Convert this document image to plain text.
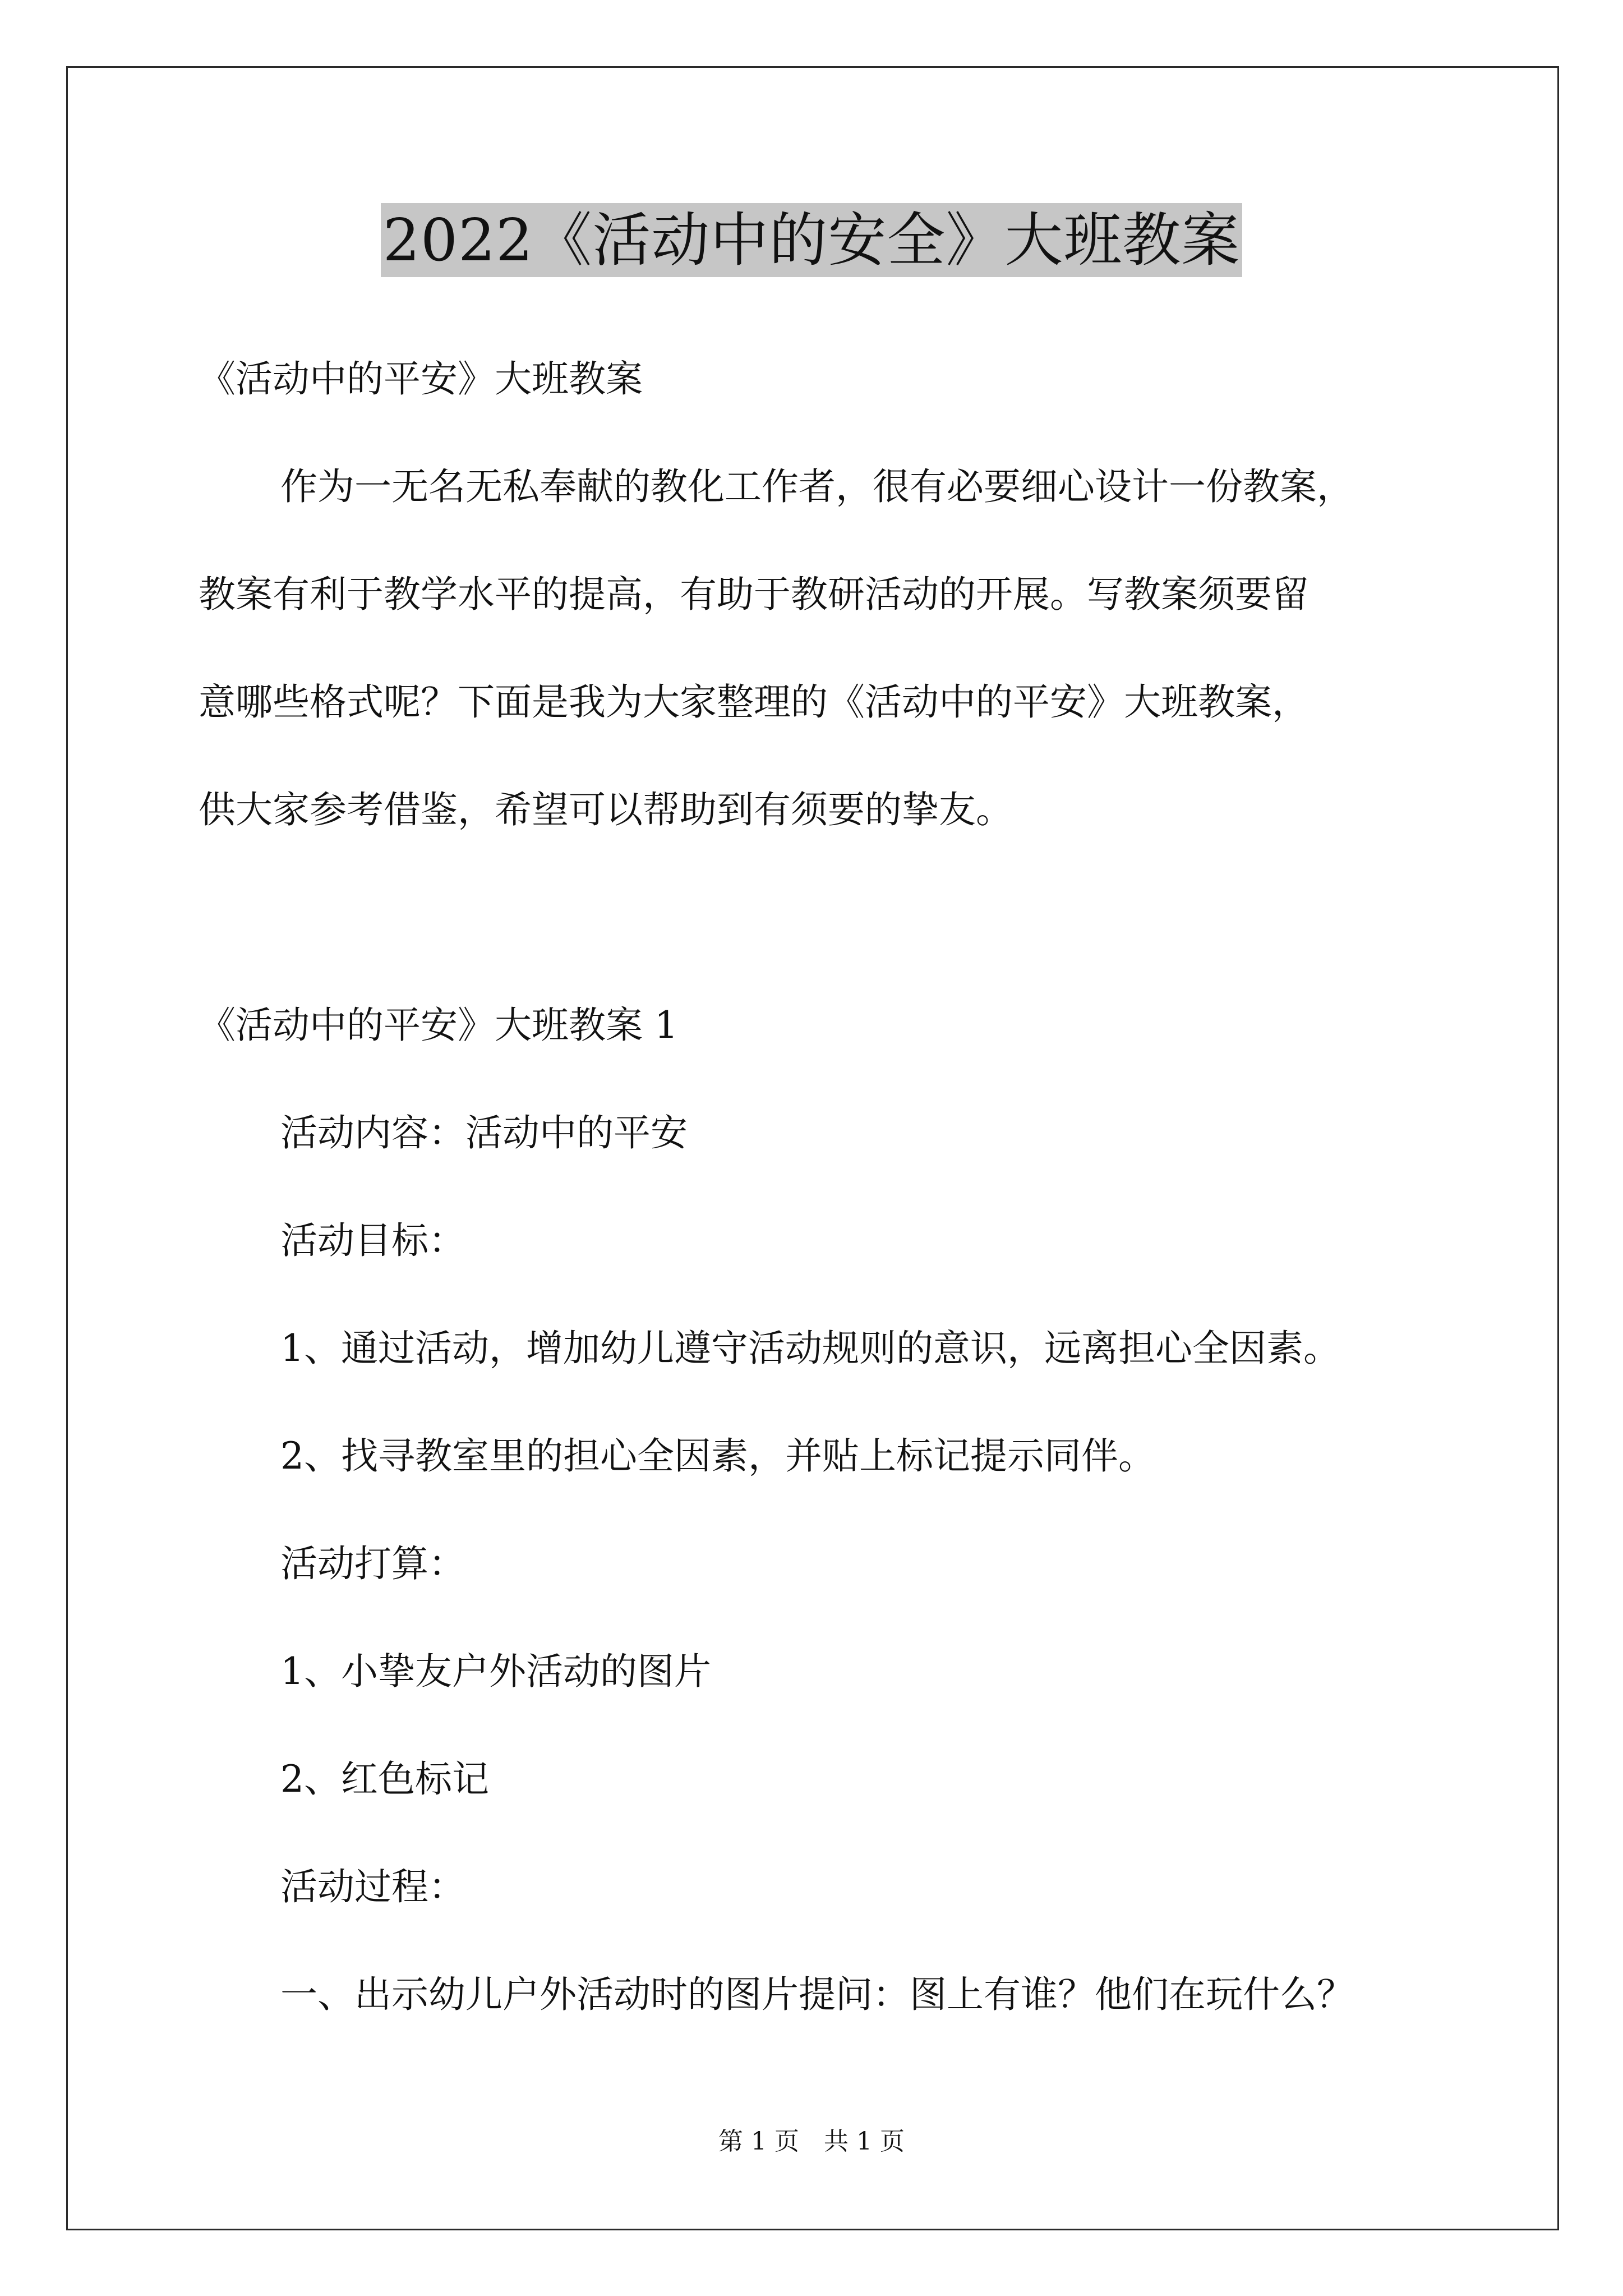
2022《活动中的安全》大班教案
《活动中的平安》大班教案
作为一无名无私奉献的教化工作者，很有必要细心设计一份教案，
教案有利于教学水平的提高，有助于教研活动的开展。写教案须要留
意哪些格式呢？下面是我为大家整理的《活动中的平安》大班教案，
供大家参考借鉴，希望可以帮助到有须要的挚友。
《活动中的平安》大班教案 1
活动内容：活动中的平安
活动目标：
1、通过活动，增加幼儿遵守活动规则的意识，远离担心全因素。
2、找寻教室里的担心全因素，并贴上标记提示同伴。
活动打算：
1、小挚友户外活动的图片
2、红色标记
活动过程：
一、出示幼儿户外活动时的图片提问：图上有谁？他们在玩什么？
第 1 页　共 1 页
